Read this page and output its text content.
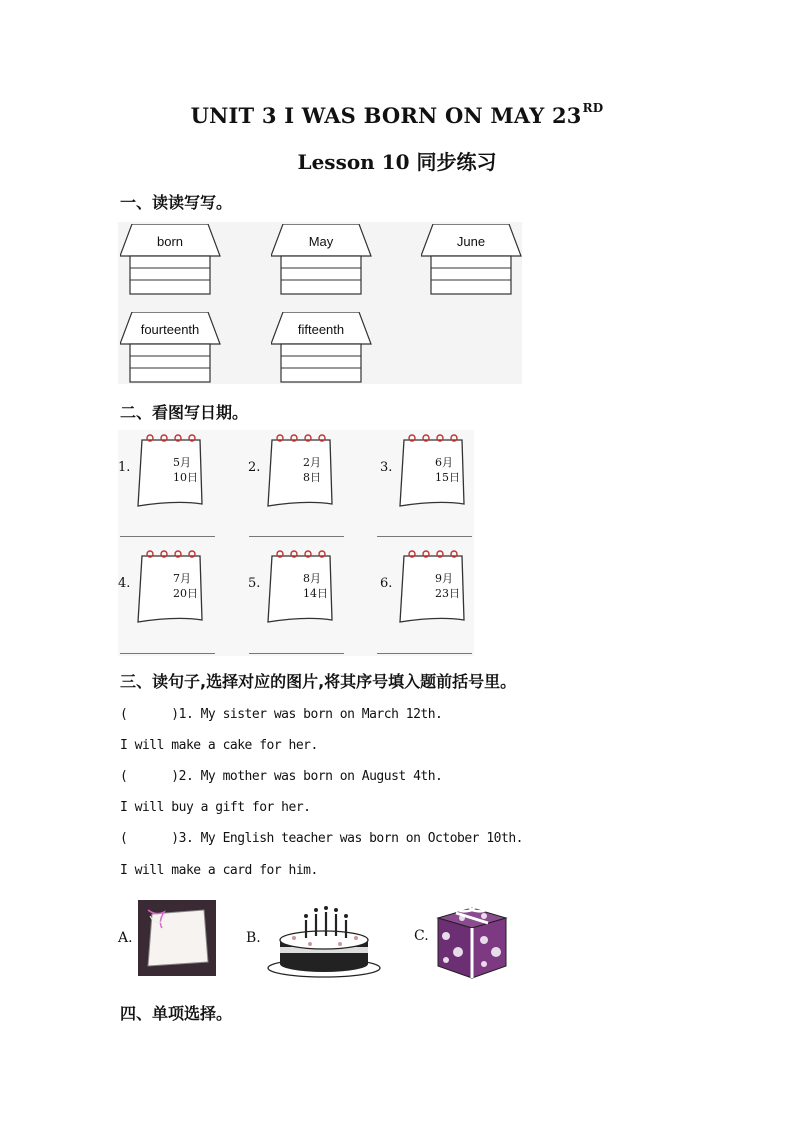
UNIT 3 I WAS BORN ON MAY 23RD
Lesson 10 同步练习
一、读读写写。
born	May	June
fourteenth	fifteenth
二、看图写日期。
1.	5月
10日
2.	2月
8日
3.	6月
15日
4.	7月
20日
5.	8月
14日
6.	9月
23日
三、读句子,选择对应的图片,将其序号填入题前括号里。
(      )1. My sister was born on March 12th.
I will make a cake for her.
(      )2. My mother was born on August 4th.
I will buy a gift for her.
(      )3. My English teacher was born on October 10th.
I will make a card for him.
A.	B.	C.
四、单项选择。
